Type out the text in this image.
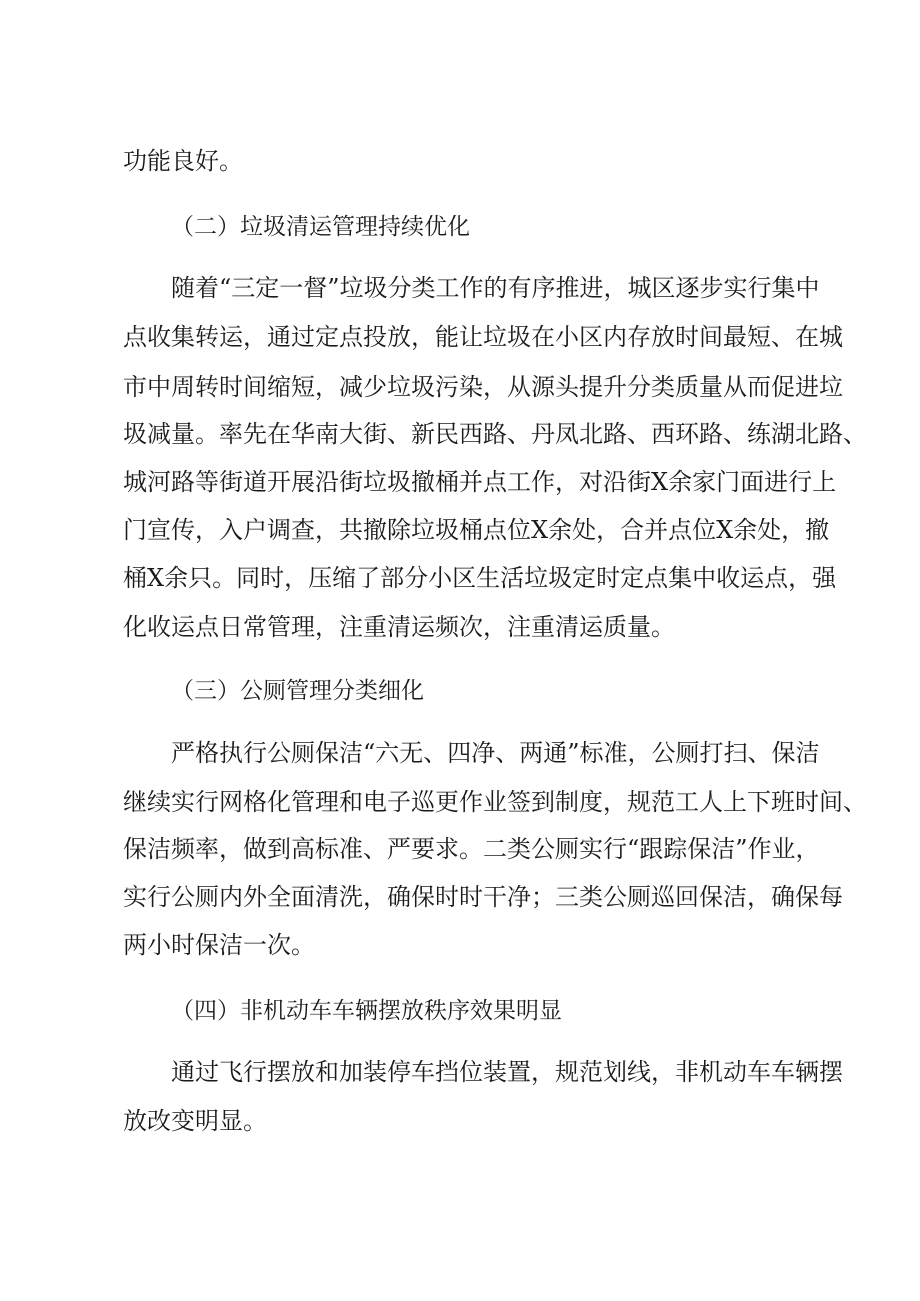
功能良好。
（二）垃圾清运管理持续优化
随着“三定一督”垃圾分类工作的有序推进，城区逐步实行集中
点收集转运，通过定点投放，能让垃圾在小区内存放时间最短、在城
市中周转时间缩短，减少垃圾污染，从源头提升分类质量从而促进垃
圾减量。率先在华南大街、新民西路、丹凤北路、西环路、练湖北路、
城河路等街道开展沿街垃圾撤桶并点工作，对沿街X余家门面进行上
门宣传，入户调查，共撤除垃圾桶点位X余处，合并点位X余处，撤
桶X余只。同时，压缩了部分小区生活垃圾定时定点集中收运点，强
化收运点日常管理，注重清运频次，注重清运质量。
（三）公厕管理分类细化
严格执行公厕保洁“六无、四净、两通”标准，公厕打扫、保洁
继续实行网格化管理和电子巡更作业签到制度，规范工人上下班时间、
保洁频率，做到高标准、严要求。二类公厕实行“跟踪保洁”作业，
实行公厕内外全面清洗，确保时时干净；三类公厕巡回保洁，确保每
两小时保洁一次。
（四）非机动车车辆摆放秩序效果明显
通过飞行摆放和加装停车挡位装置，规范划线，非机动车车辆摆
放改变明显。
